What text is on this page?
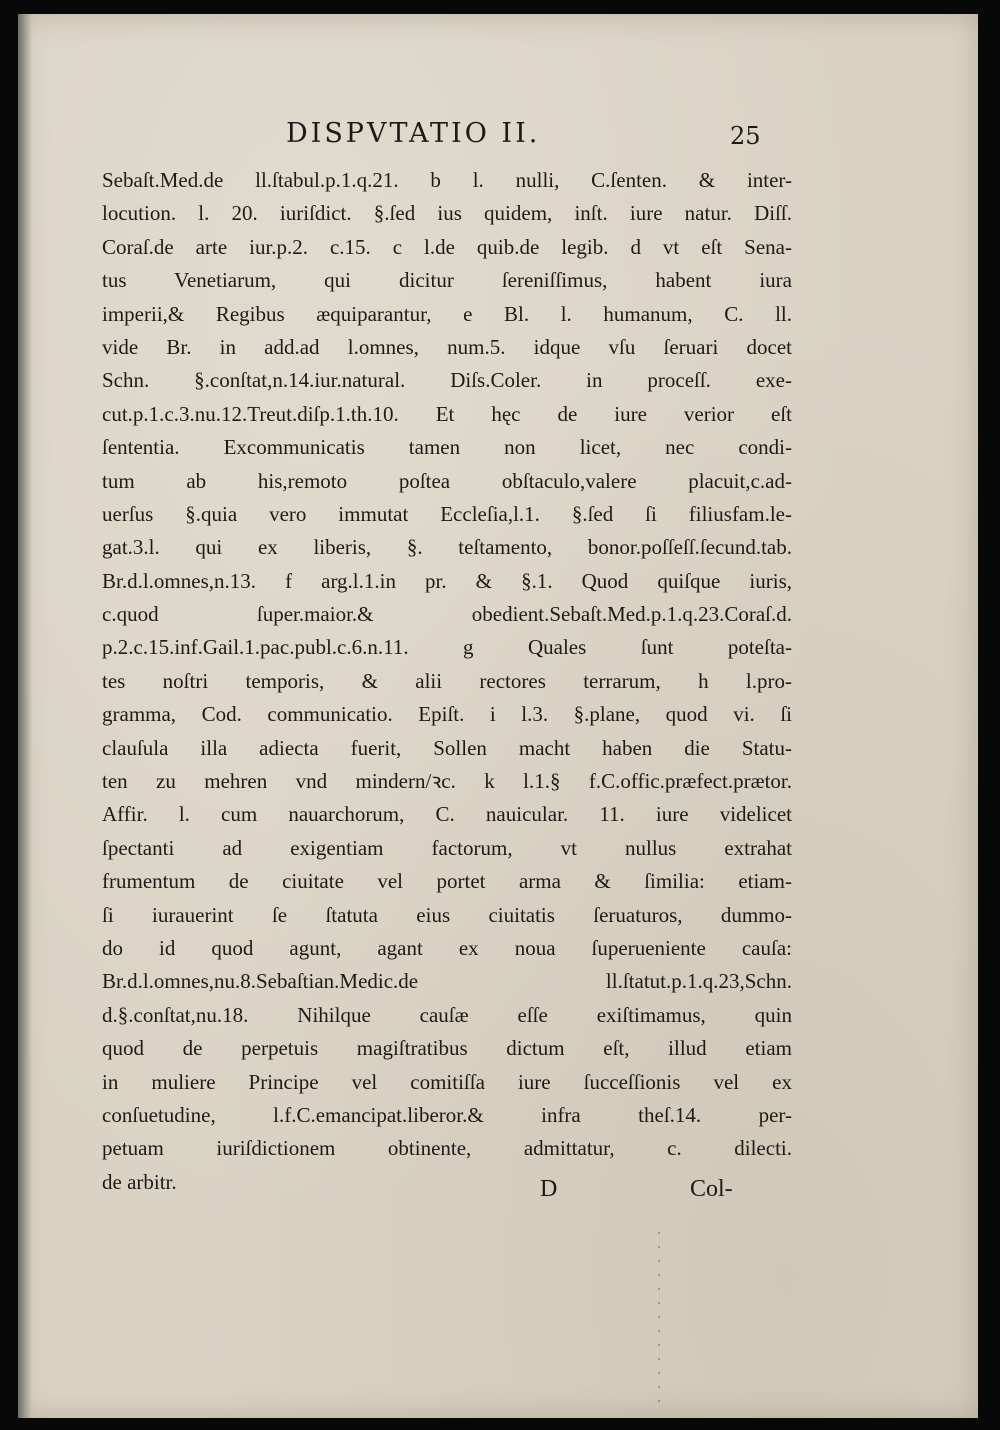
DISPVTATIO II.	25
Sebaſt.Med.de ll.ſtabul.p.1.q.21. b l. nulli, C.ſenten. & inter-
locution. l. 20. iuriſdict. §.ſed ius quidem, inſt. iure natur. Diſſ.
Coraſ.de arte iur.p.2. c.15. c l.de quib.de legib. d vt eſt Sena-
tus Venetiarum, qui dicitur ſereniſſimus, habent iura
imperii,& Regibus æquiparantur, e Bl. l. humanum, C. ll.
vide Br. in add.ad l.omnes, num.5. idque vſu ſeruari docet
Schn. §.conſtat,n.14.iur.natural. Diſs.Coler. in proceſſ. exe-
cut.p.1.c.3.nu.12.Treut.diſp.1.th.10. Et hęc de iure verior eſt
ſententia. Excommunicatis tamen non licet, nec condi-
tum ab his,remoto poſtea obſtaculo,valere placuit,c.ad-
uerſus §.quia vero immutat Eccleſia,l.1. §.ſed ſi filiusfam.le-
gat.3.l. qui ex liberis, §. teſtamento, bonor.poſſeſſ.ſecund.tab.
Br.d.l.omnes,n.13. f arg.l.1.in pr. & §.1. Quod quiſque iuris,
c.quod ſuper.maior.& obedient.Sebaſt.Med.p.1.q.23.Coraſ.d.
p.2.c.15.inf.Gail.1.pac.publ.c.6.n.11. g Quales ſunt poteſta-
tes noſtri temporis, & alii rectores terrarum, h l.pro-
gramma, Cod. communicatio. Epiſt. i l.3. §.plane, quod vi. ſi
clauſula illa adiecta fuerit, Sollen macht haben die Statu-
ten zu mehren vnd mindern/ꝛc. k l.1.§ f.C.offic.præfect.prætor.
Affir. l. cum nauarchorum, C. nauicular. 11. iure videlicet
ſpectanti ad exigentiam factorum, vt nullus extrahat
frumentum de ciuitate vel portet arma & ſimilia: etiam-
ſi iurauerint ſe ſtatuta eius ciuitatis ſeruaturos, dummo-
do id quod agunt, agant ex noua ſuperueniente cauſa:
Br.d.l.omnes,nu.8.Sebaſtian.Medic.de ll.ſtatut.p.1.q.23,Schn.
d.§.conſtat,nu.18. Nihilque cauſæ eſſe exiſtimamus, quin
quod de perpetuis magiſtratibus dictum eſt, illud etiam
in muliere Principe vel comitiſſa iure ſucceſſionis vel ex
conſuetudine, l.f.C.emancipat.liberor.& infra theſ.14. per-
petuam iuriſdictionem obtinente, admittatur, c. dilecti.
de arbitr.	D	Col-
